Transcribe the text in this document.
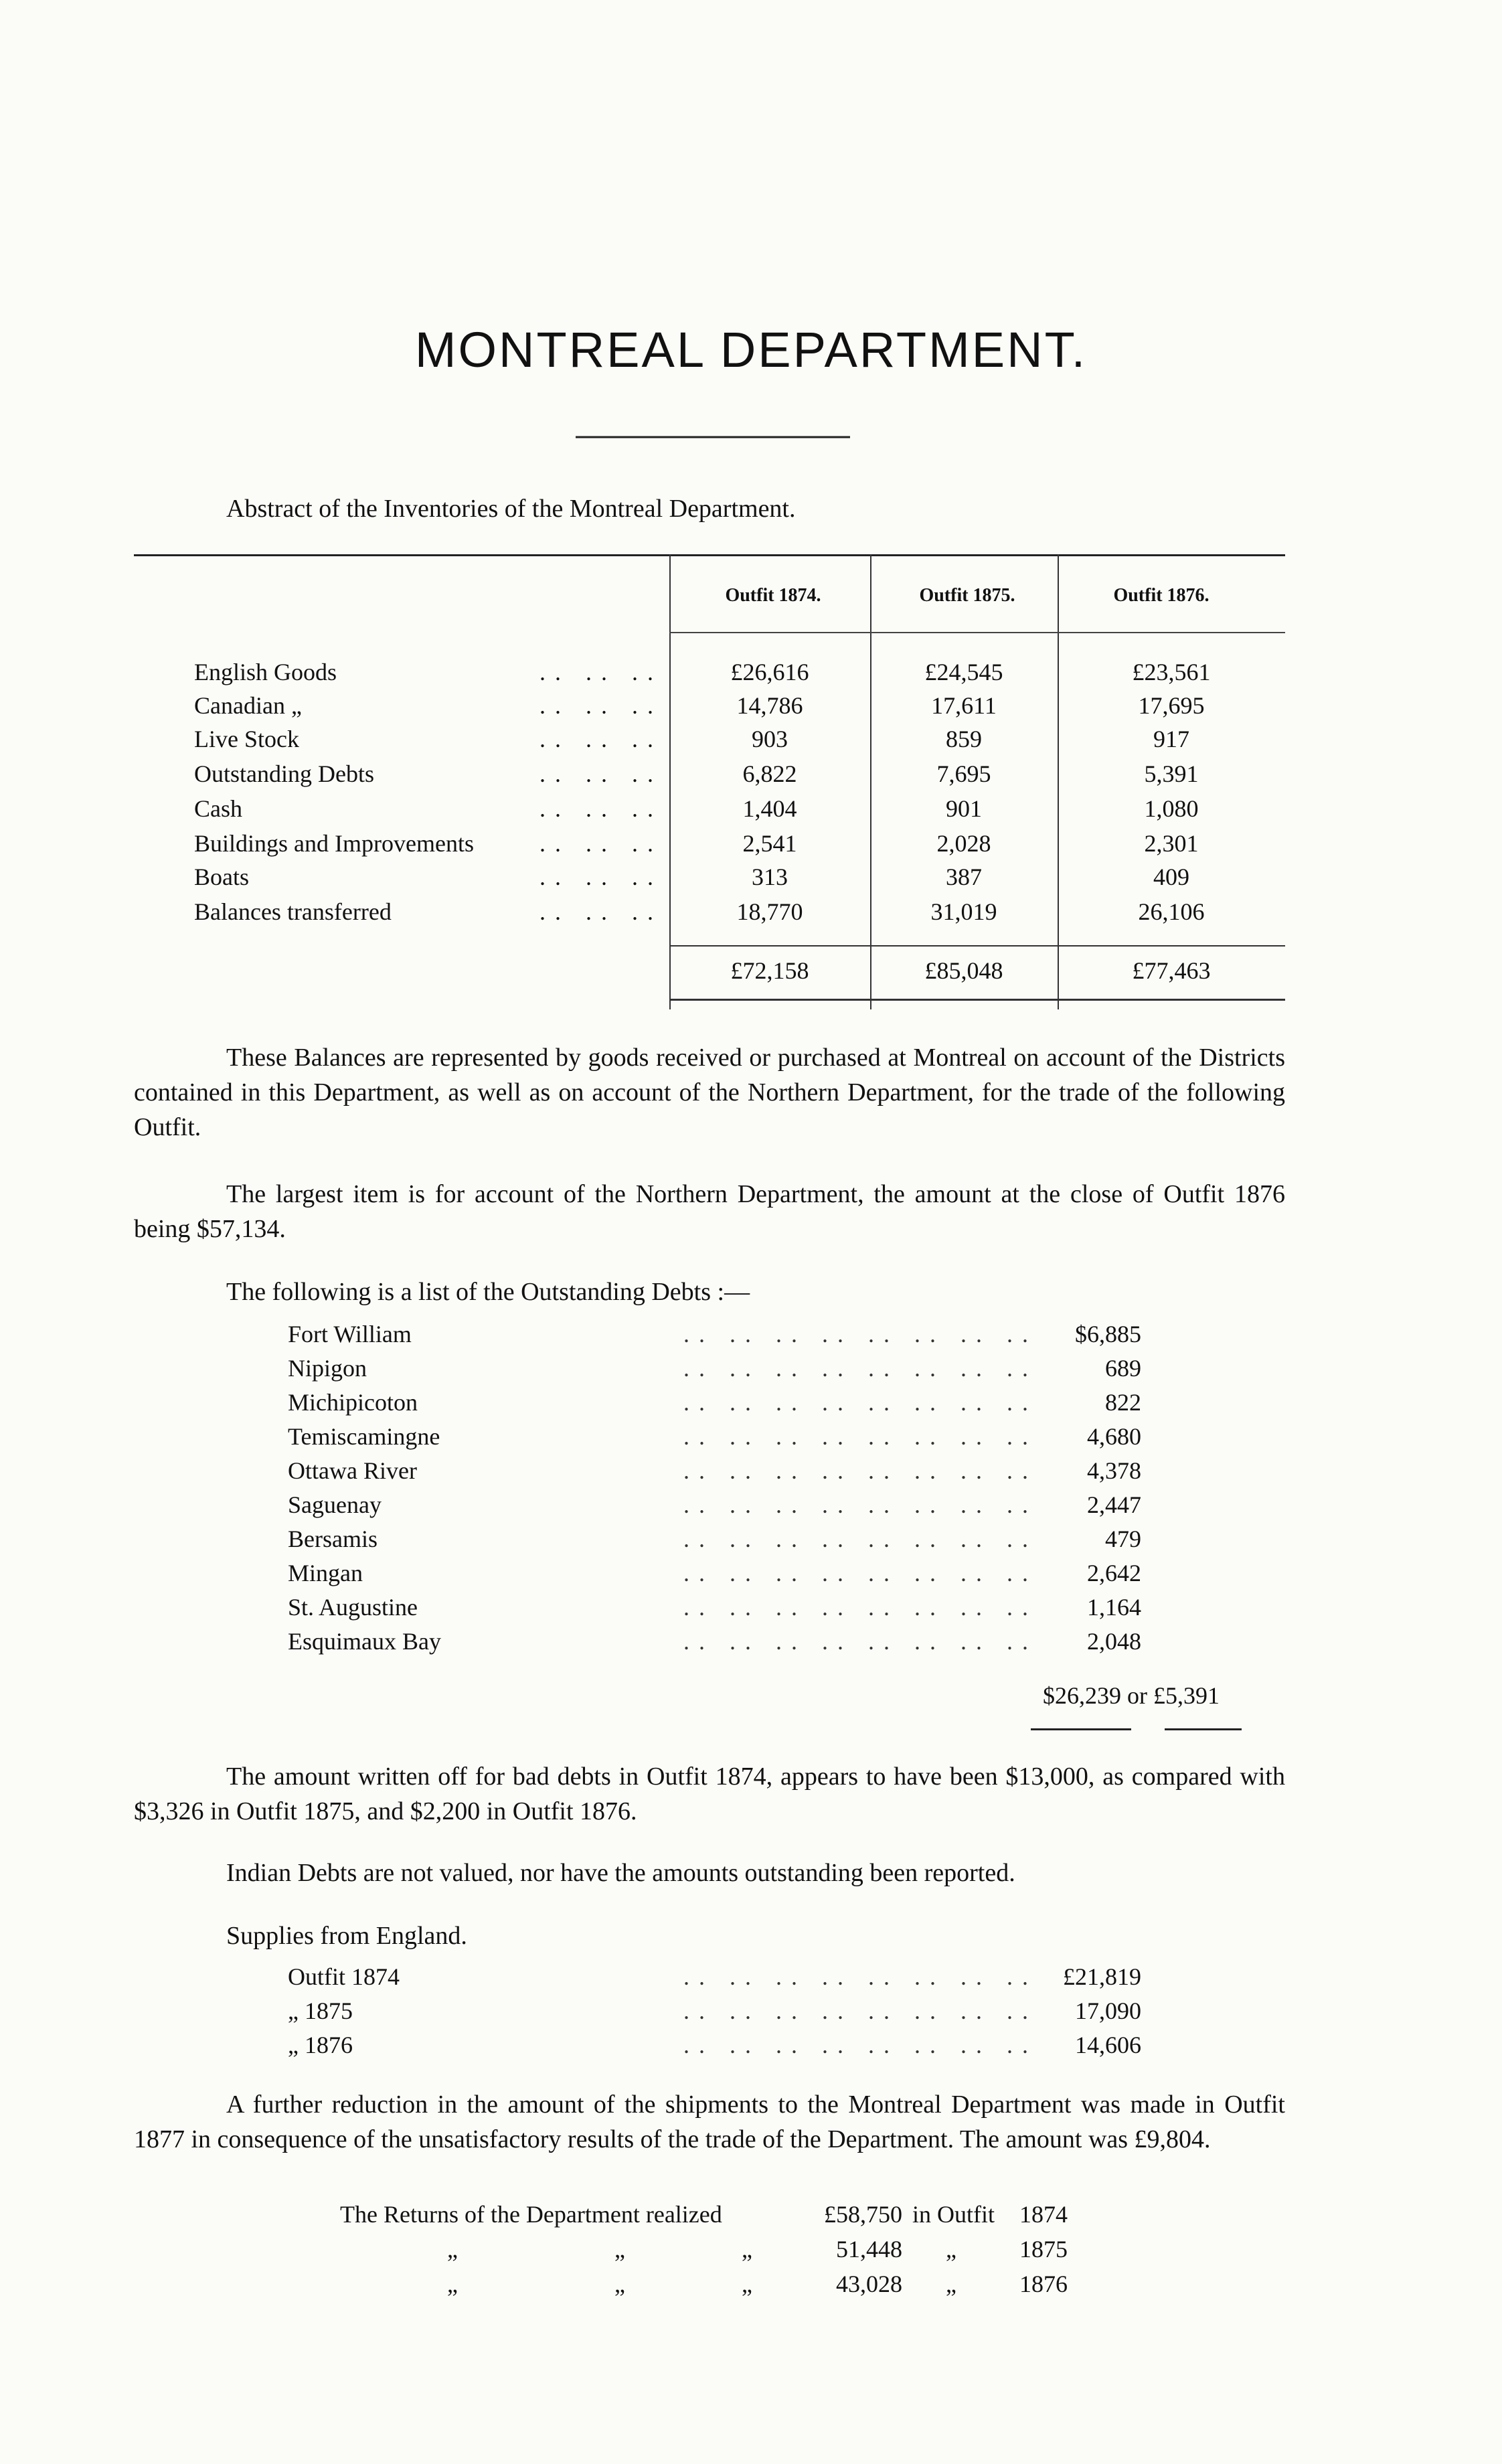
MONTREAL DEPARTMENT.
Abstract of the Inventories of the Montreal Department.
Outfit 1874.	Outfit 1875.	Outfit 1876.
English Goods	.. .. ..	£26,616	£24,545	£23,561
Canadian „	.. .. ..	14,786	17,611	17,695
Live Stock	.. .. ..	903	859	917
Outstanding Debts	.. .. ..	6,822	7,695	5,391
Cash	.. .. ..	1,404	901	1,080
Buildings and Improvements	.. .. ..	2,541	2,028	2,301
Boats	.. .. ..	313	387	409
Balances transferred	.. .. ..	18,770	31,019	26,106
£72,158	£85,048	£77,463

These Balances are represented by goods received or purchased at Montreal on account of the Districts contained in this Department, as well as on account of the Northern Department, for the trade of the following Outfit.

The largest item is for account of the Northern Department, the amount at the close of Outfit 1876 being $57,134.

The following is a list of the Outstanding Debts :—

Fort William	.. .. .. .. .. .. .. ..	$6,885
Nipigon	.. .. .. .. .. .. .. ..	689
Michipicoton	.. .. .. .. .. .. .. ..	822
Temiscamingne	.. .. .. .. .. .. .. ..	4,680
Ottawa River	.. .. .. .. .. .. .. ..	4,378
Saguenay	.. .. .. .. .. .. .. ..	2,447
Bersamis	.. .. .. .. .. .. .. ..	479
Mingan	.. .. .. .. .. .. .. ..	2,642
St. Augustine	.. .. .. .. .. .. .. ..	1,164
Esquimaux Bay	.. .. .. .. .. .. .. ..	2,048
$26,239 or £5,391

The amount written off for bad debts in Outfit 1874, appears to have been $13,000, as compared with $3,326 in Outfit 1875, and $2,200 in Outfit 1876.

Indian Debts are not valued, nor have the amounts outstanding been reported.

Supplies from England.
Outfit 1874	.. .. .. .. .. .. .. ..	£21,819
„ 1875	.. .. .. .. .. .. .. ..	17,090
„ 1876	.. .. .. .. .. .. .. ..	14,606

A further reduction in the amount of the shipments to the Montreal Department was made in Outfit 1877 in consequence of the unsatisfactory results of the trade of the Department. The amount was £9,804.

The Returns of the Department realized	£58,750 in Outfit 1874
„	„	„	51,448 „	1875
„	„	„	43,028 „	1876
